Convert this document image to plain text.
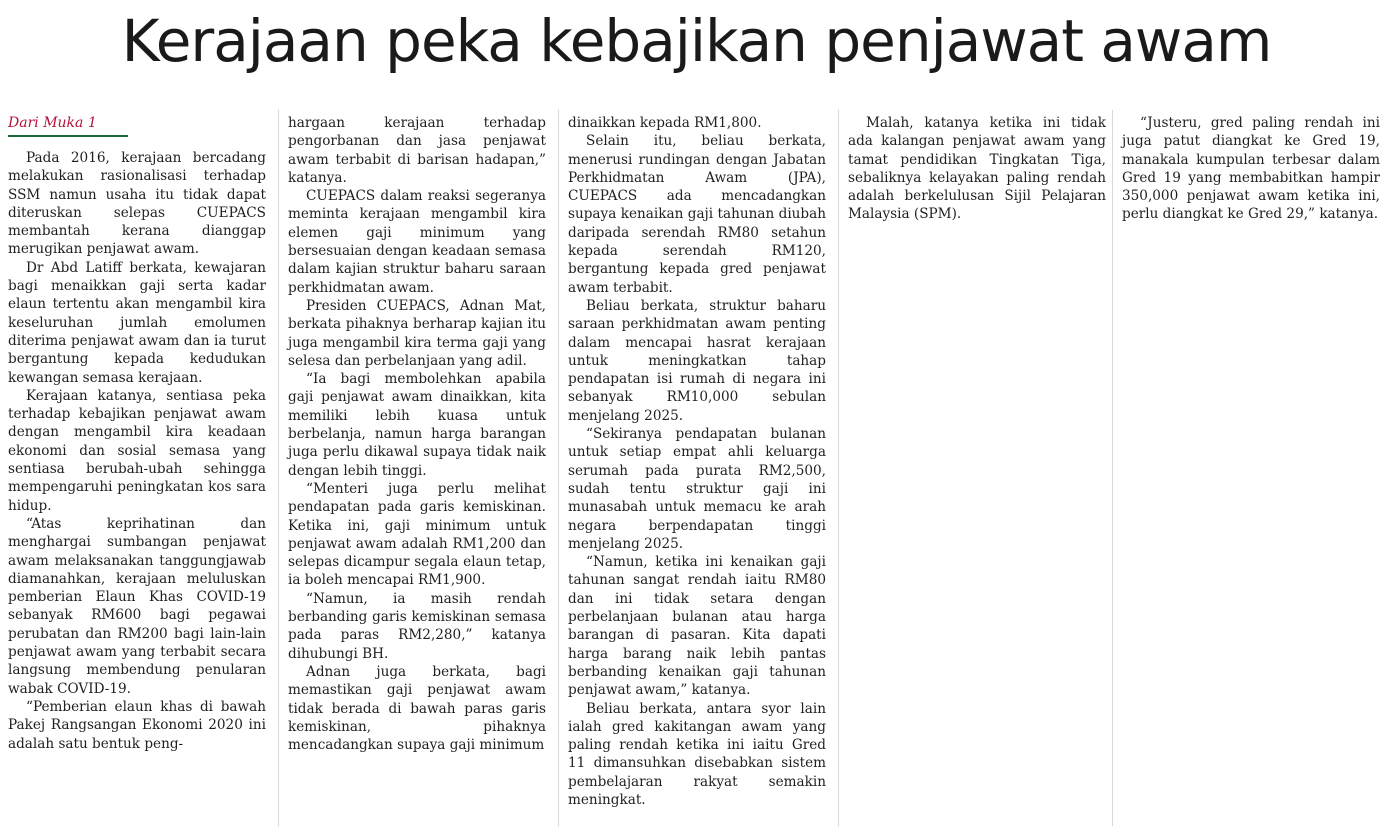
Kerajaan peka kebajikan penjawat awam
Dari Muka 1

Pada 2016, kerajaan bercadang melakukan rasionalisasi terhadap SSM namun usaha itu tidak dapat diteruskan selepas CUEPACS membantah kerana dianggap merugikan penjawat awam.

Dr Abd Latiff berkata, kewajaran bagi menaikkan gaji serta kadar elaun tertentu akan mengambil kira keseluruhan jumlah emolumen diterima penjawat awam dan ia turut bergantung kepada kedudukan kewangan semasa kerajaan.

Kerajaan katanya, sentiasa peka terhadap kebajikan penjawat awam dengan mengambil kira keadaan ekonomi dan sosial semasa yang sentiasa berubah-ubah sehingga mempengaruhi peningkatan kos sara hidup.

“Atas keprihatinan dan menghargai sumbangan penjawat awam melaksanakan tanggungjawab diamanahkan, kerajaan meluluskan pemberian Elaun Khas COVID-19 sebanyak RM600 bagi pegawai perubatan dan RM200 bagi lain-lain penjawat awam yang terbabit secara langsung membendung penularan wabak COVID-19.

“Pemberian elaun khas di bawah Pakej Rangsangan Ekonomi 2020 ini adalah satu bentuk peng-

hargaan kerajaan terhadap pengorbanan dan jasa penjawat awam terbabit di barisan hadapan,” katanya.

CUEPACS dalam reaksi segeranya meminta kerajaan mengambil kira elemen gaji minimum yang bersesuaian dengan keadaan semasa dalam kajian struktur baharu saraan perkhidmatan awam.

Presiden CUEPACS, Adnan Mat, berkata pihaknya berharap kajian itu juga mengambil kira terma gaji yang selesa dan perbelanjaan yang adil.

“Ia bagi membolehkan apabila gaji penjawat awam dinaikkan, kita memiliki lebih kuasa untuk berbelanja, namun harga barangan juga perlu dikawal supaya tidak naik dengan lebih tinggi.

“Menteri juga perlu melihat pendapatan pada garis kemiskinan. Ketika ini, gaji minimum untuk penjawat awam adalah RM1,200 dan selepas dicampur segala elaun tetap, ia boleh mencapai RM1,900.

“Namun, ia masih rendah berbanding garis kemiskinan semasa pada paras RM2,280,” katanya dihubungi BH.

Adnan juga berkata, bagi memastikan gaji penjawat awam tidak berada di bawah paras garis kemiskinan, pihaknya mencadangkan supaya gaji minimum

dinaikkan kepada RM1,800.

Selain itu, beliau berkata, menerusi rundingan dengan Jabatan Perkhidmatan Awam (JPA), CUEPACS ada mencadangkan supaya kenaikan gaji tahunan diubah daripada serendah RM80 setahun kepada serendah RM120, bergantung kepada gred penjawat awam terbabit.

Beliau berkata, struktur baharu saraan perkhidmatan awam penting dalam mencapai hasrat kerajaan untuk meningkatkan tahap pendapatan isi rumah di negara ini sebanyak RM10,000 sebulan menjelang 2025.

“Sekiranya pendapatan bulanan untuk setiap empat ahli keluarga serumah pada purata RM2,500, sudah tentu struktur gaji ini munasabah untuk memacu ke arah negara berpendapatan tinggi menjelang 2025.

“Namun, ketika ini kenaikan gaji tahunan sangat rendah iaitu RM80 dan ini tidak setara dengan perbelanjaan bulanan atau harga barangan di pasaran. Kita dapati harga barang naik lebih pantas berbanding kenaikan gaji tahunan penjawat awam,” katanya.

Beliau berkata, antara syor lain ialah gred kakitangan awam yang paling rendah ketika ini iaitu Gred 11 dimansuhkan disebabkan sistem pembelajaran rakyat semakin meningkat.

Malah, katanya ketika ini tidak ada kalangan penjawat awam yang tamat pendidikan Tingkatan Tiga, sebaliknya kelayakan paling rendah adalah berkelulusan Sijil Pelajaran Malaysia (SPM).

“Justeru, gred paling rendah ini juga patut diangkat ke Gred 19, manakala kumpulan terbesar dalam Gred 19 yang membabitkan hampir 350,000 penjawat awam ketika ini, perlu diangkat ke Gred 29,” katanya.
